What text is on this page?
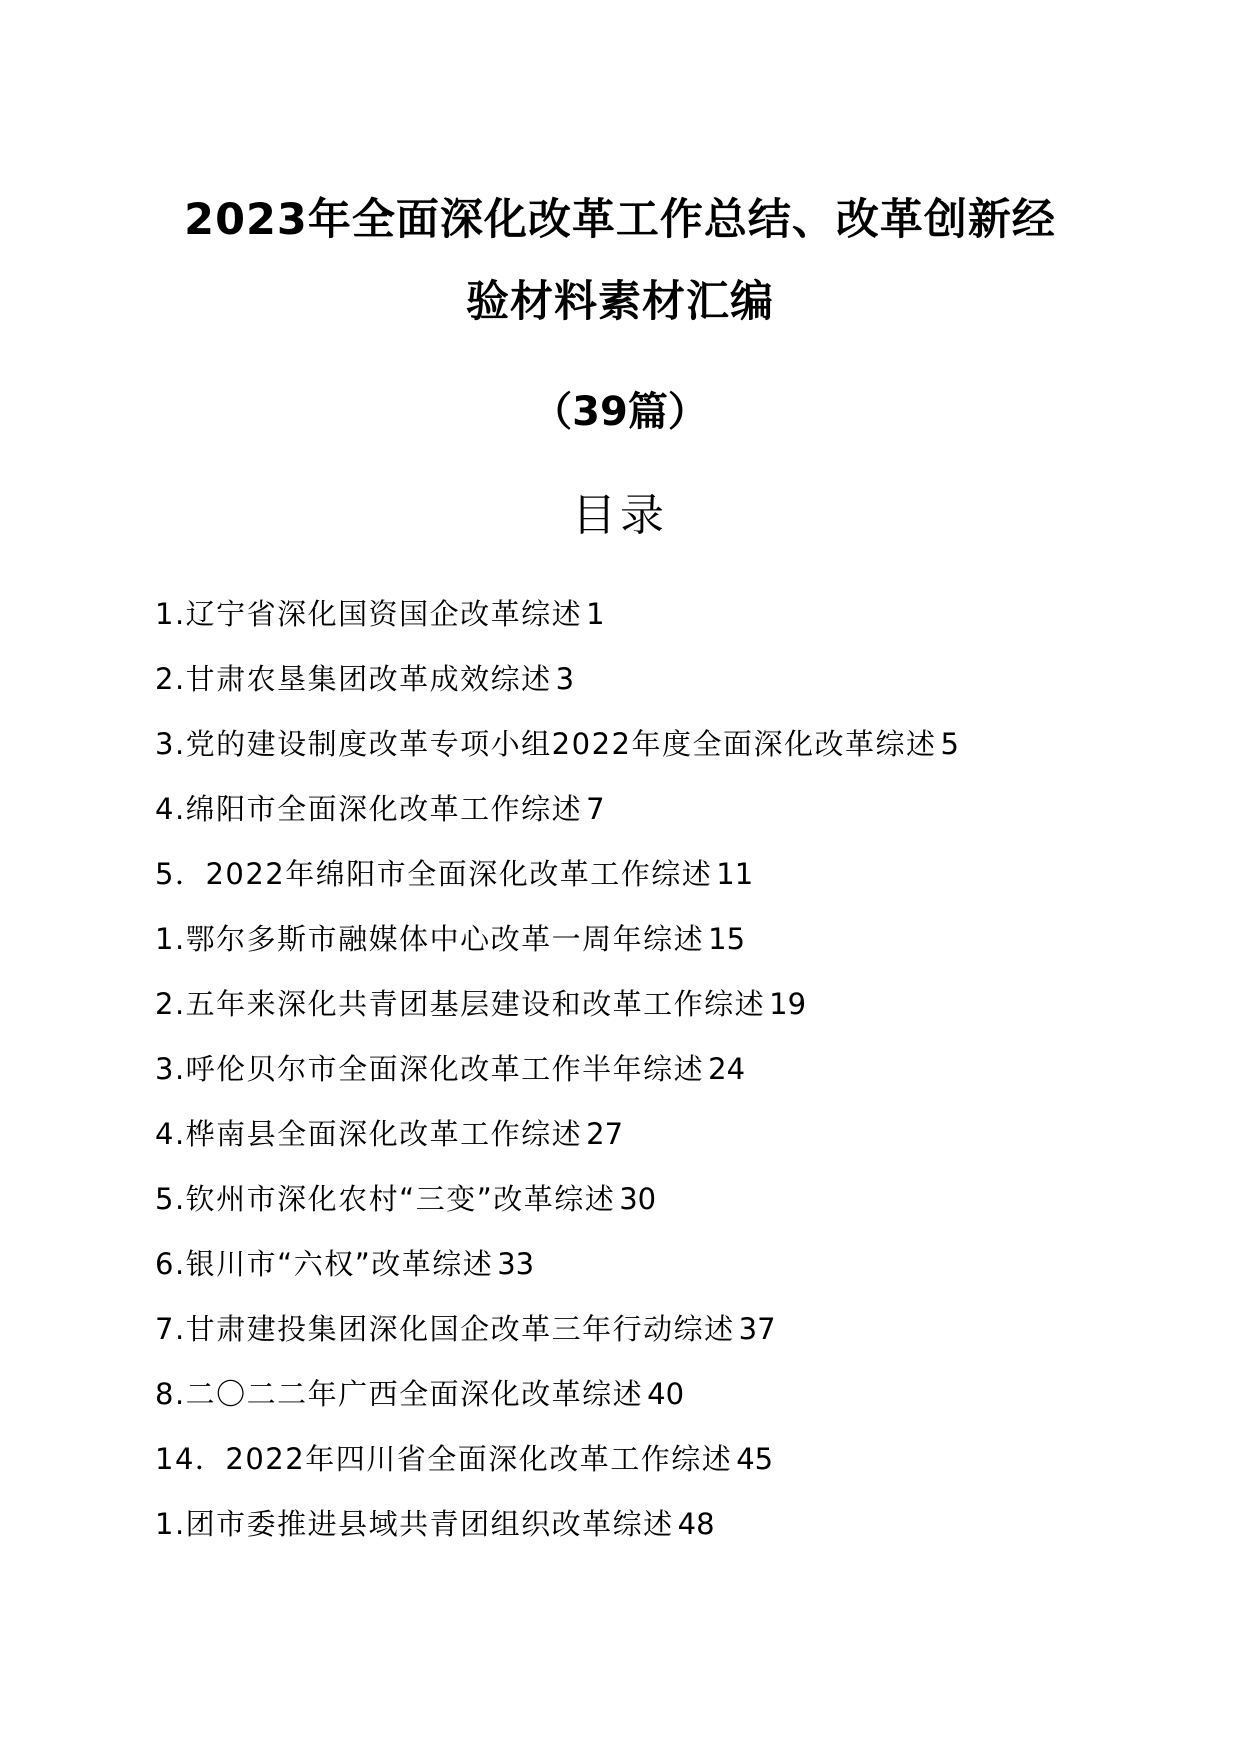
2023年全面深化改革工作总结、改革创新经
验材料素材汇编
（39篇）
目录
1.辽宁省深化国资国企改革综述 1
2.甘肃农垦集团改革成效综述 3
3.党的建设制度改革专项小组2022年度全面深化改革综述 5
4.绵阳市全面深化改革工作综述 7
5．2022年绵阳市全面深化改革工作综述 11
1.鄂尔多斯市融媒体中心改革一周年综述 15
2.五年来深化共青团基层建设和改革工作综述 19
3.呼伦贝尔市全面深化改革工作半年综述 24
4.桦南县全面深化改革工作综述 27
5.钦州市深化农村“三变”改革综述 30
6.银川市“六权”改革综述 33
7.甘肃建投集团深化国企改革三年行动综述 37
8.二〇二二年广西全面深化改革综述 40
14．2022年四川省全面深化改革工作综述 45
1.团市委推进县域共青团组织改革综述 48
